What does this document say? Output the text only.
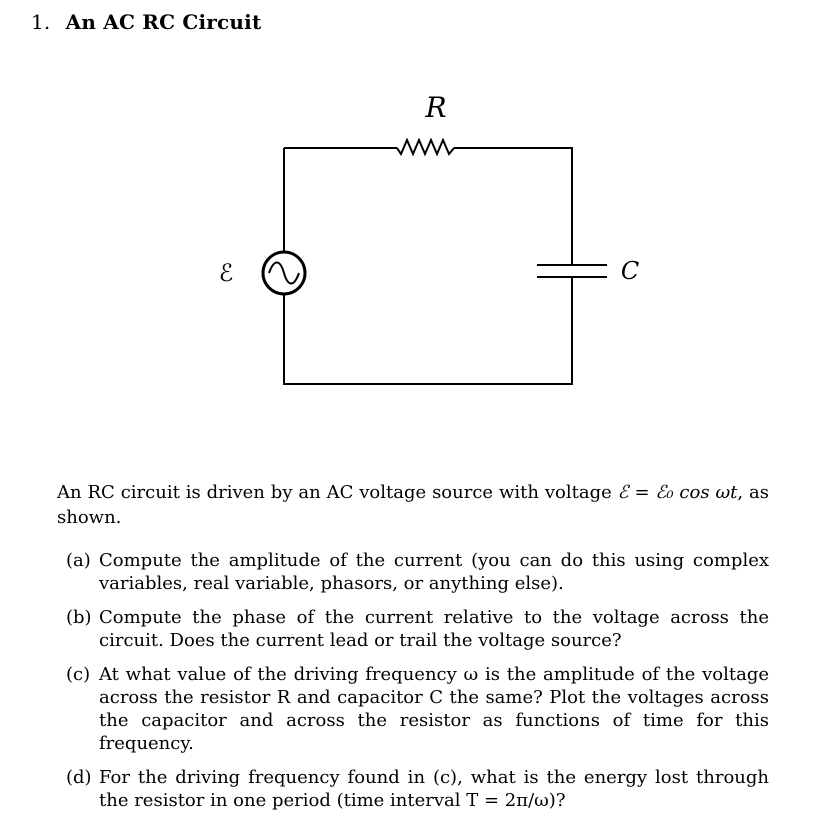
1. An AC RC Circuit
R
C
ℰ
An RC circuit is driven by an AC voltage source with voltage ℰ = ℰ₀ cos ωt, as shown.
(a) Compute the amplitude of the current (you can do this using complex variables, real variable, phasors, or anything else).
(b) Compute the phase of the current relative to the voltage across the circuit. Does the current lead or trail the voltage source?
(c) At what value of the driving frequency ω is the amplitude of the voltage across the resistor R and capacitor C the same? Plot the voltages across the capacitor and across the resistor as functions of time for this frequency.
(d) For the driving frequency found in (c), what is the energy lost through the resistor in one period (time interval T = 2π/ω)?
